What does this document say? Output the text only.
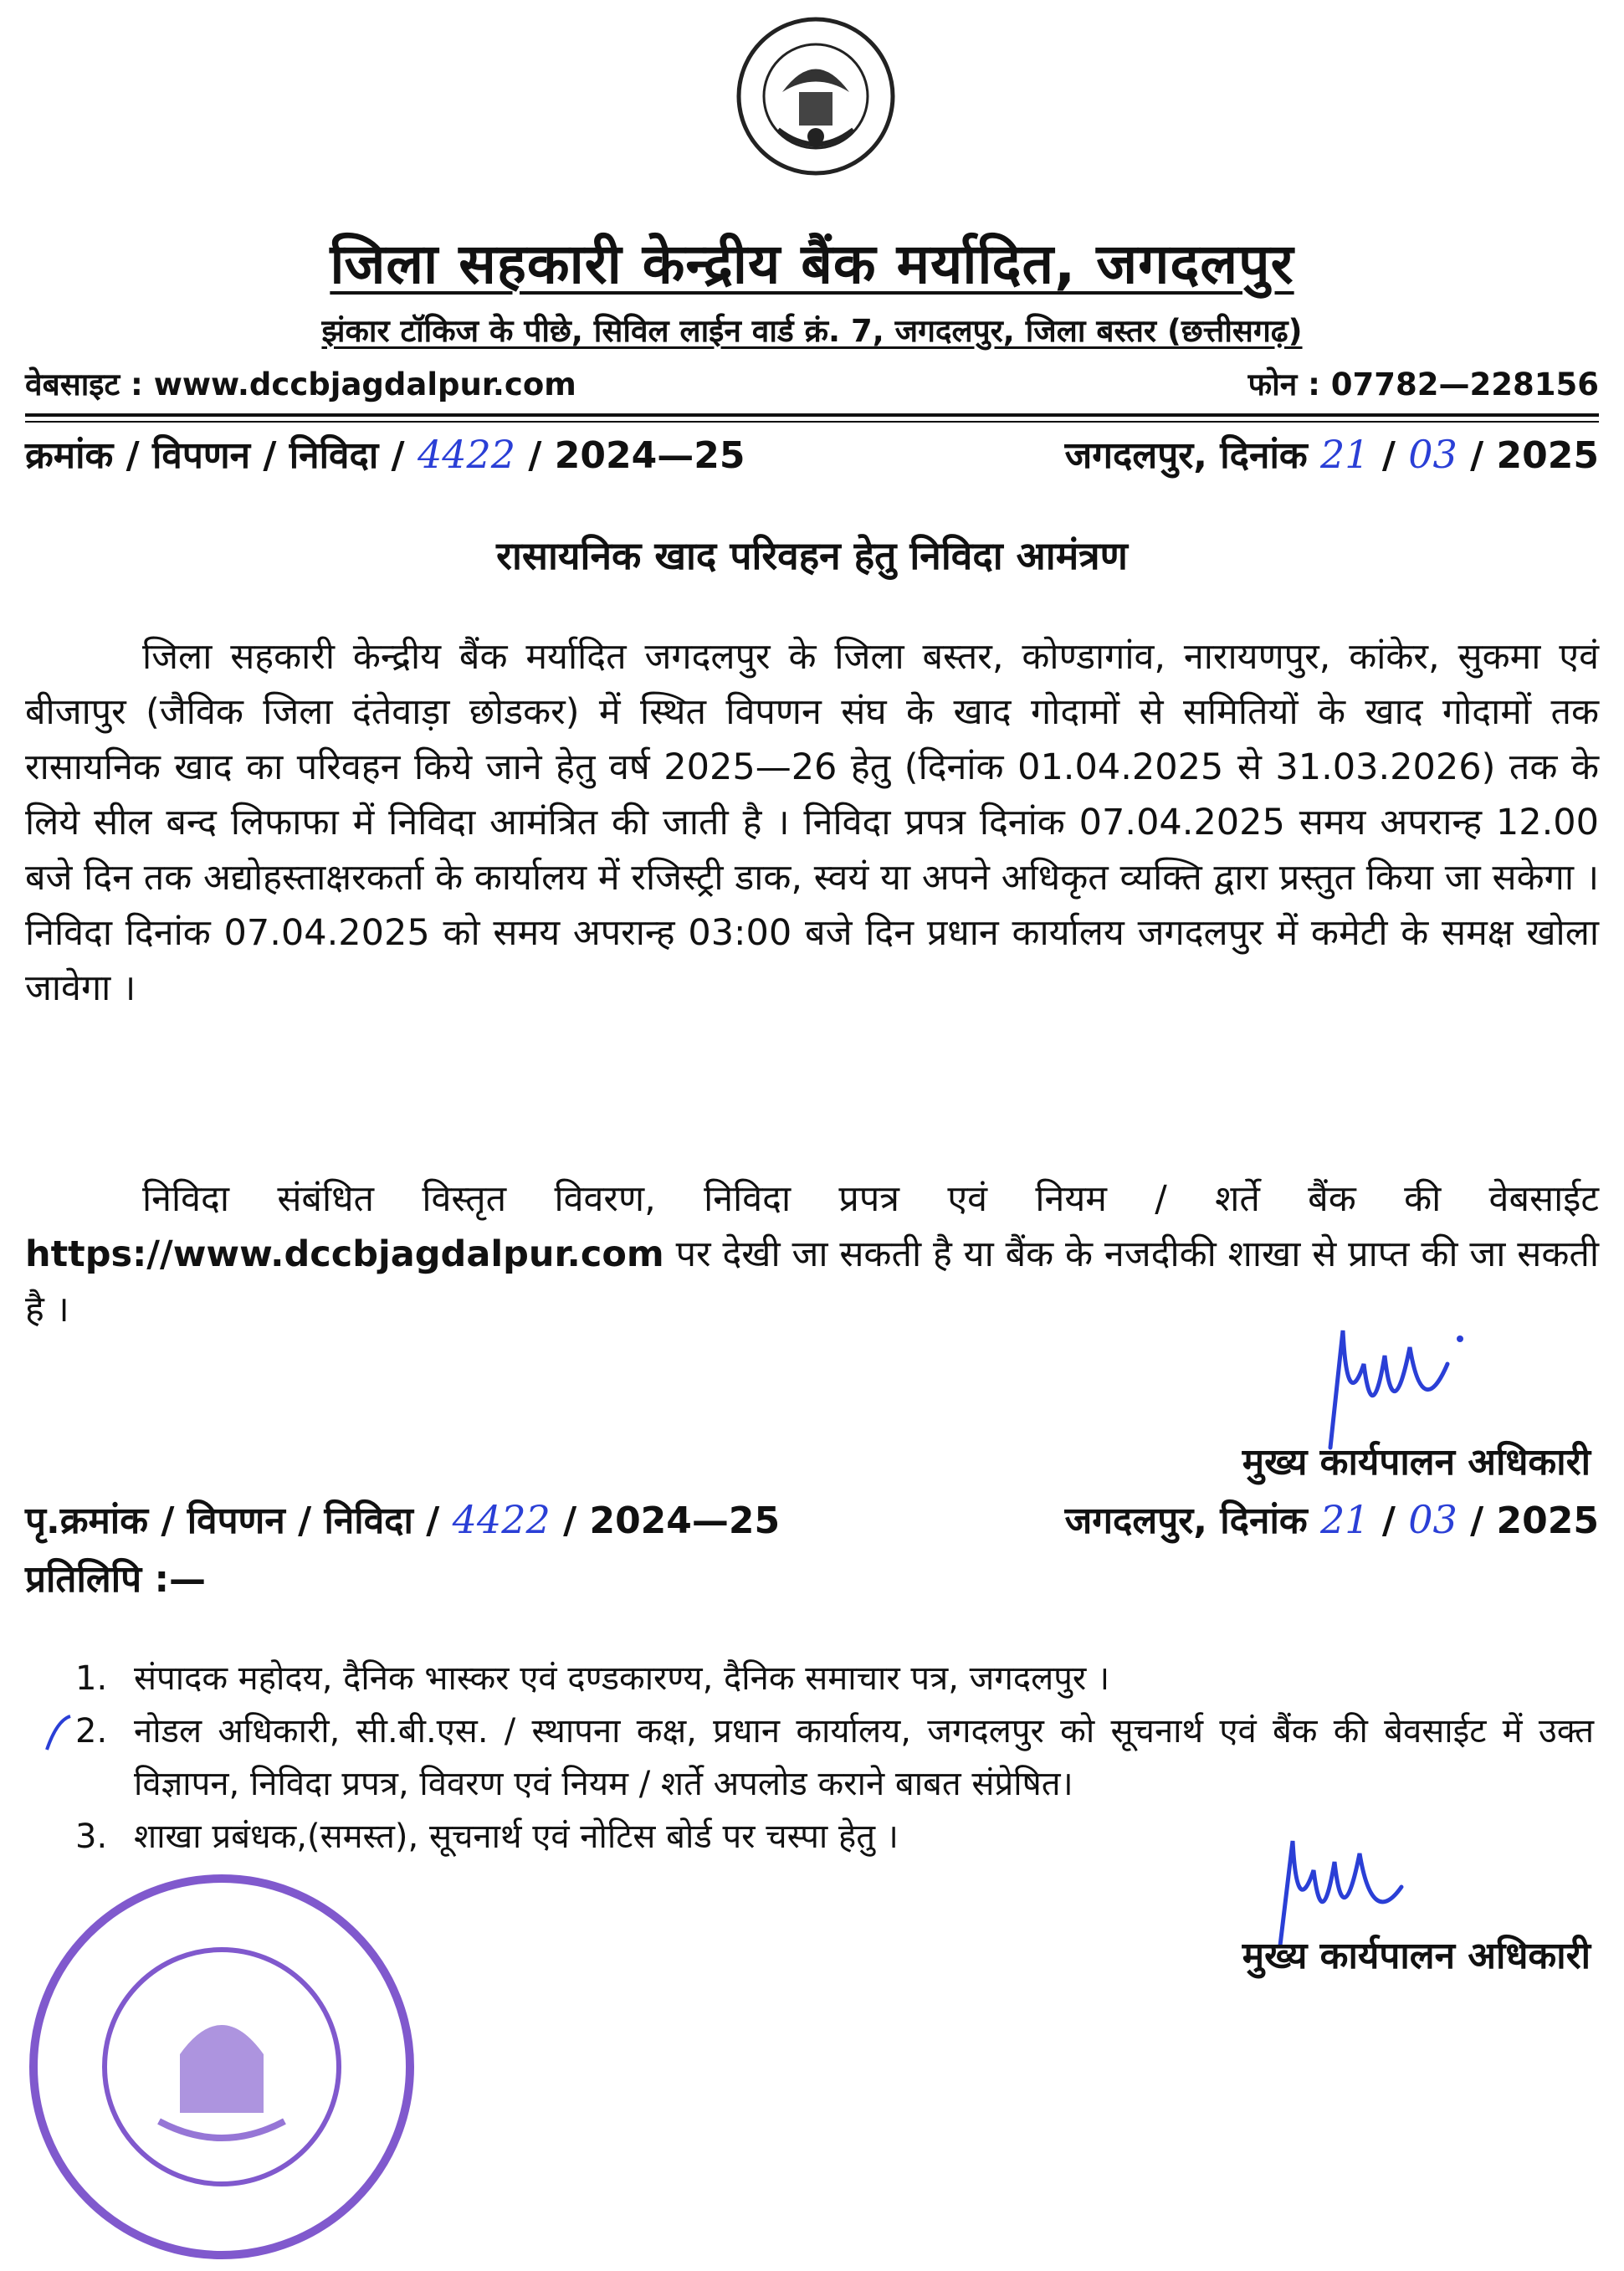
जिला सहकारी केन्द्रीय बैंक मर्यादित, जगदलपुर
झंकार टॉकिज के पीछे, सिविल लाईन वार्ड क्रं. 7, जगदलपुर, जिला बस्तर (छत्तीसगढ़)
वेबसाइट : www.dccbjagdalpur.com	फोन : 07782—228156
क्रमांक / विपणन / निविदा / 4422 / 2024—25	जगदलपुर, दिनांक 21 / 03 / 2025
रासायनिक खाद परिवहन हेतु निविदा आमंत्रण
जिला सहकारी केन्द्रीय बैंक मर्यादित जगदलपुर के जिला बस्तर, कोण्डागांव, नारायणपुर, कांकेर, सुकमा एवं बीजापुर (जैविक जिला दंतेवाड़ा छोडकर) में स्थित विपणन संघ के खाद गोदामों से समितियों के खाद गोदामों तक रासायनिक खाद का परिवहन किये जाने हेतु वर्ष 2025—26 हेतु (दिनांक 01.04.2025 से 31.03.2026) तक के लिये सील बन्द लिफाफा में निविदा आमंत्रित की जाती है । निविदा प्रपत्र दिनांक 07.04.2025 समय अपरान्ह 12.00 बजे दिन तक अद्योहस्ताक्षरकर्ता के कार्यालय में रजिस्ट्री डाक, स्वयं या अपने अधिकृत व्यक्ति द्वारा प्रस्तुत किया जा सकेगा । निविदा दिनांक 07.04.2025 को समय अपरान्ह 03:00 बजे दिन प्रधान कार्यालय जगदलपुर में कमेटी के समक्ष खोला जावेगा ।
निविदा संबंधित विस्तृत विवरण, निविदा प्रपत्र एवं नियम / शर्ते बैंक की वेबसाईट https://www.dccbjagdalpur.com पर देखी जा सकती है या बैंक के नजदीकी शाखा से प्राप्त की जा सकती है ।
मुख्य कार्यपालन अधिकारी
पृ.क्रमांक / विपणन / निविदा / 4422 / 2024—25	जगदलपुर, दिनांक 21 / 03 / 2025
प्रतिलिपि :—
1. संपादक महोदय, दैनिक भास्कर एवं दण्डकारण्य, दैनिक समाचार पत्र, जगदलपुर ।
2. नोडल अधिकारी, सी.बी.एस. / स्थापना कक्ष, प्रधान कार्यालय, जगदलपुर को सूचनार्थ एवं बैंक की बेवसाईट में उक्त विज्ञापन, निविदा प्रपत्र, विवरण एवं नियम / शर्ते अपलोड कराने बाबत संप्रेषित।
3. शाखा प्रबंधक,(समस्त), सूचनार्थ एवं नोटिस बोर्ड पर चस्पा हेतु ।
मुख्य कार्यपालन अधिकारी
